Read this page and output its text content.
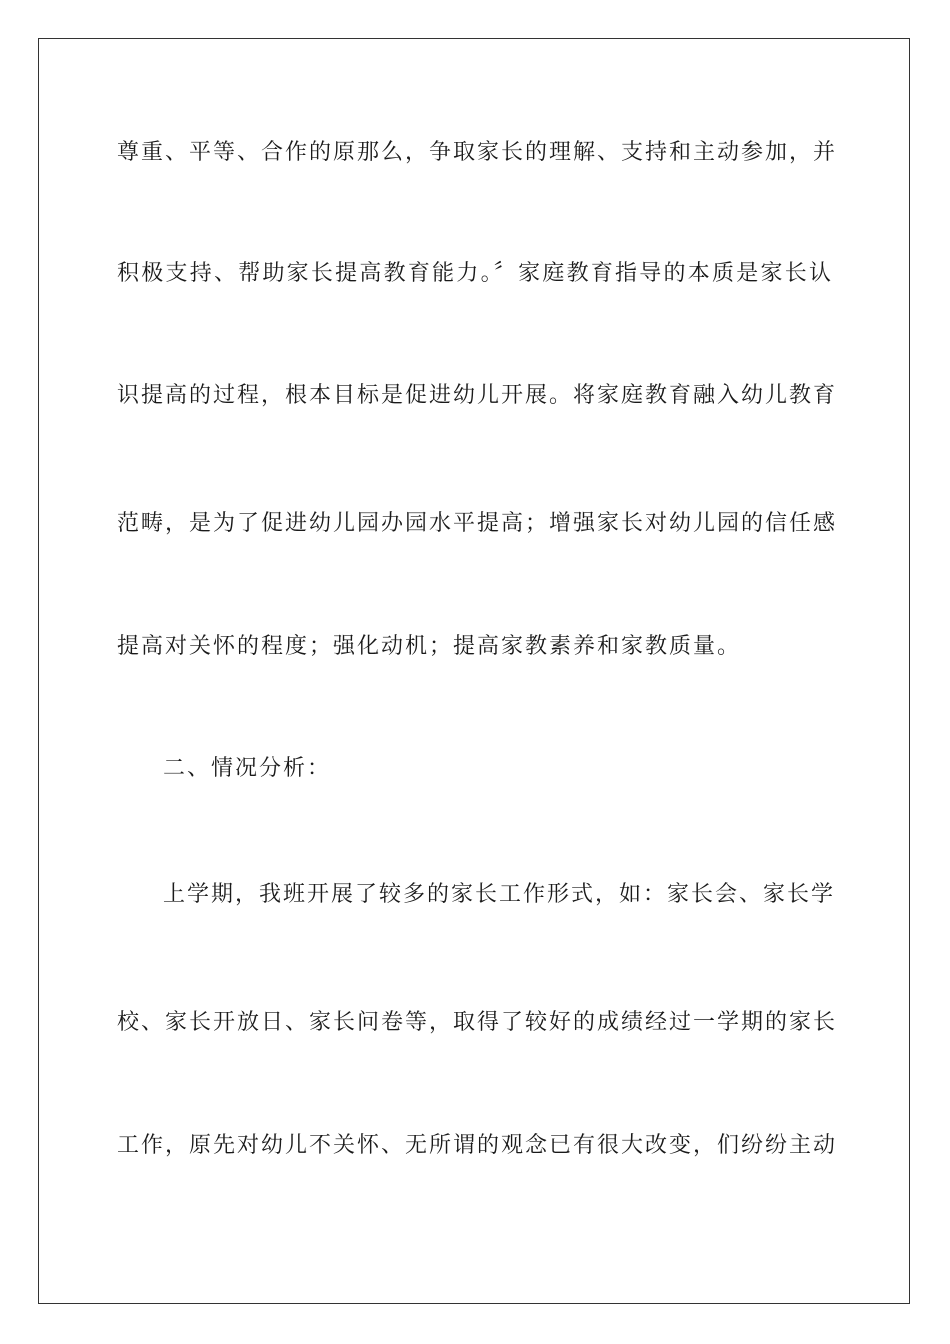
尊重、平等、合作的原那么，争取家长的理解、支持和主动参加，并
积极支持、帮助家长提高教育能力。〞家庭教育指导的本质是家长认
识提高的过程，根本目标是促进幼儿开展。将家庭教育融入幼儿教育
范畴，是为了促进幼儿园办园水平提高；增强家长对幼儿园的信任感
提高对关怀的程度；强化动机；提高家教素养和家教质量。
二、情况分析：
上学期，我班开展了较多的家长工作形式，如：家长会、家长学
校、家长开放日、家长问卷等，取得了较好的成绩经过一学期的家长
工作，原先对幼儿不关怀、无所谓的观念已有很大改变，们纷纷主动
